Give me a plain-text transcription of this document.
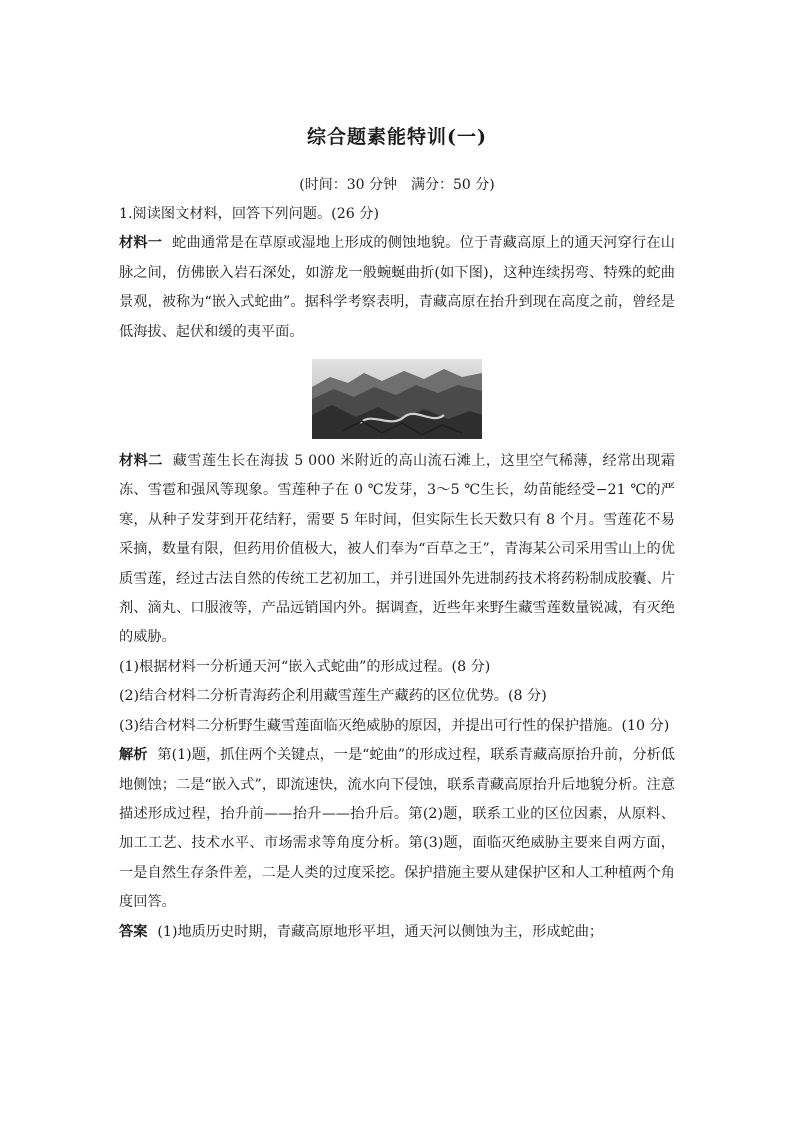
综合题素能特训(一)
(时间：30 分钟　满分：50 分)

1.阅读图文材料，回答下列问题。(26 分)

材料一 蛇曲通常是在草原或湿地上形成的侧蚀地貌。位于青藏高原上的通天河穿行在山脉之间，仿佛嵌入岩石深处，如游龙一般蜿蜒曲折(如下图)，这种连续拐弯、特殊的蛇曲景观，被称为“嵌入式蛇曲”。据科学考察表明，青藏高原在抬升到现在高度之前，曾经是低海拔、起伏和缓的夷平面。

材料二 藏雪莲生长在海拔 5 000 米附近的高山流石滩上，这里空气稀薄，经常出现霜冻、雪雹和强风等现象。雪莲种子在 0 ℃发芽，3～5 ℃生长，幼苗能经受−21 ℃的严寒，从种子发芽到开花结籽，需要 5 年时间，但实际生长天数只有 8 个月。雪莲花不易采摘，数量有限，但药用价值极大，被人们奉为“百草之王”，青海某公司采用雪山上的优质雪莲，经过古法自然的传统工艺初加工，并引进国外先进制药技术将药粉制成胶囊、片剂、滴丸、口服液等，产品远销国内外。据调查，近些年来野生藏雪莲数量锐减，有灭绝的威胁。

(1)根据材料一分析通天河“嵌入式蛇曲”的形成过程。(8 分)

(2)结合材料二分析青海药企利用藏雪莲生产藏药的区位优势。(8 分)

(3)结合材料二分析野生藏雪莲面临灭绝威胁的原因，并提出可行性的保护措施。(10 分)

解析 第(1)题，抓住两个关键点，一是“蛇曲”的形成过程，联系青藏高原抬升前，分析低地侧蚀；二是“嵌入式”，即流速快，流水向下侵蚀，联系青藏高原抬升后地貌分析。注意描述形成过程，抬升前——抬升——抬升后。第(2)题，联系工业的区位因素，从原料、加工工艺、技术水平、市场需求等角度分析。第(3)题，面临灭绝威胁主要来自两方面，一是自然生存条件差，二是人类的过度采挖。保护措施主要从建保护区和人工种植两个角度回答。

答案 (1)地质历史时期，青藏高原地形平坦，通天河以侧蚀为主，形成蛇曲；
